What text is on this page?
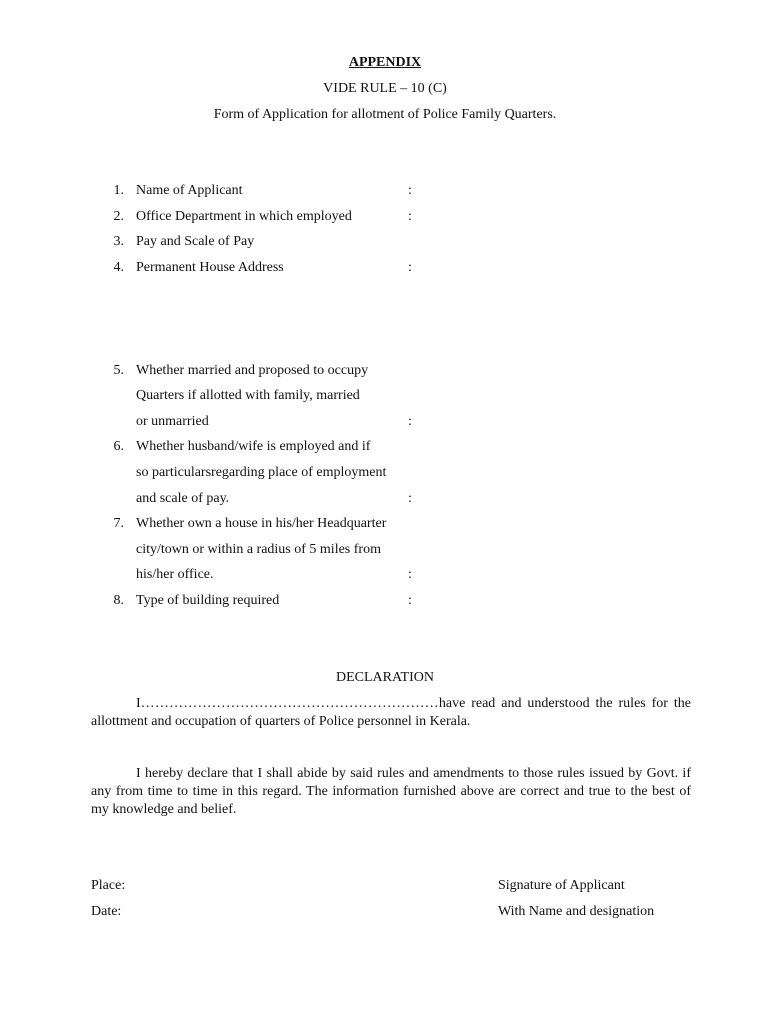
APPENDIX
VIDE RULE – 10 (C)
Form of Application for allotment of Police Family Quarters.
1. Name of Applicant	:
2. Office Department in which employed	:
3. Pay and Scale of Pay
4. Permanent House Address	:
5. Whether married and proposed to occupy
Quarters if allotted with family, married
or unmarried	:
6. Whether husband/wife is employed and if
so particularsregarding place of employment
and scale of pay.	:
7. Whether own a house in his/her Headquarter
city/town or within a radius of 5 miles from
his/her office.	:
8. Type of building required	:
DECLARATION
I………………………………………………………have read and understood the rules for the allottment and occupation of quarters of Police personnel in Kerala.
I hereby declare that I shall abide by said rules and amendments to those rules issued by Govt. if any from time to time in this regard. The information furnished above are correct and true to the best of my knowledge and belief.
Place:
Date:
Signature of Applicant
With Name and designation
